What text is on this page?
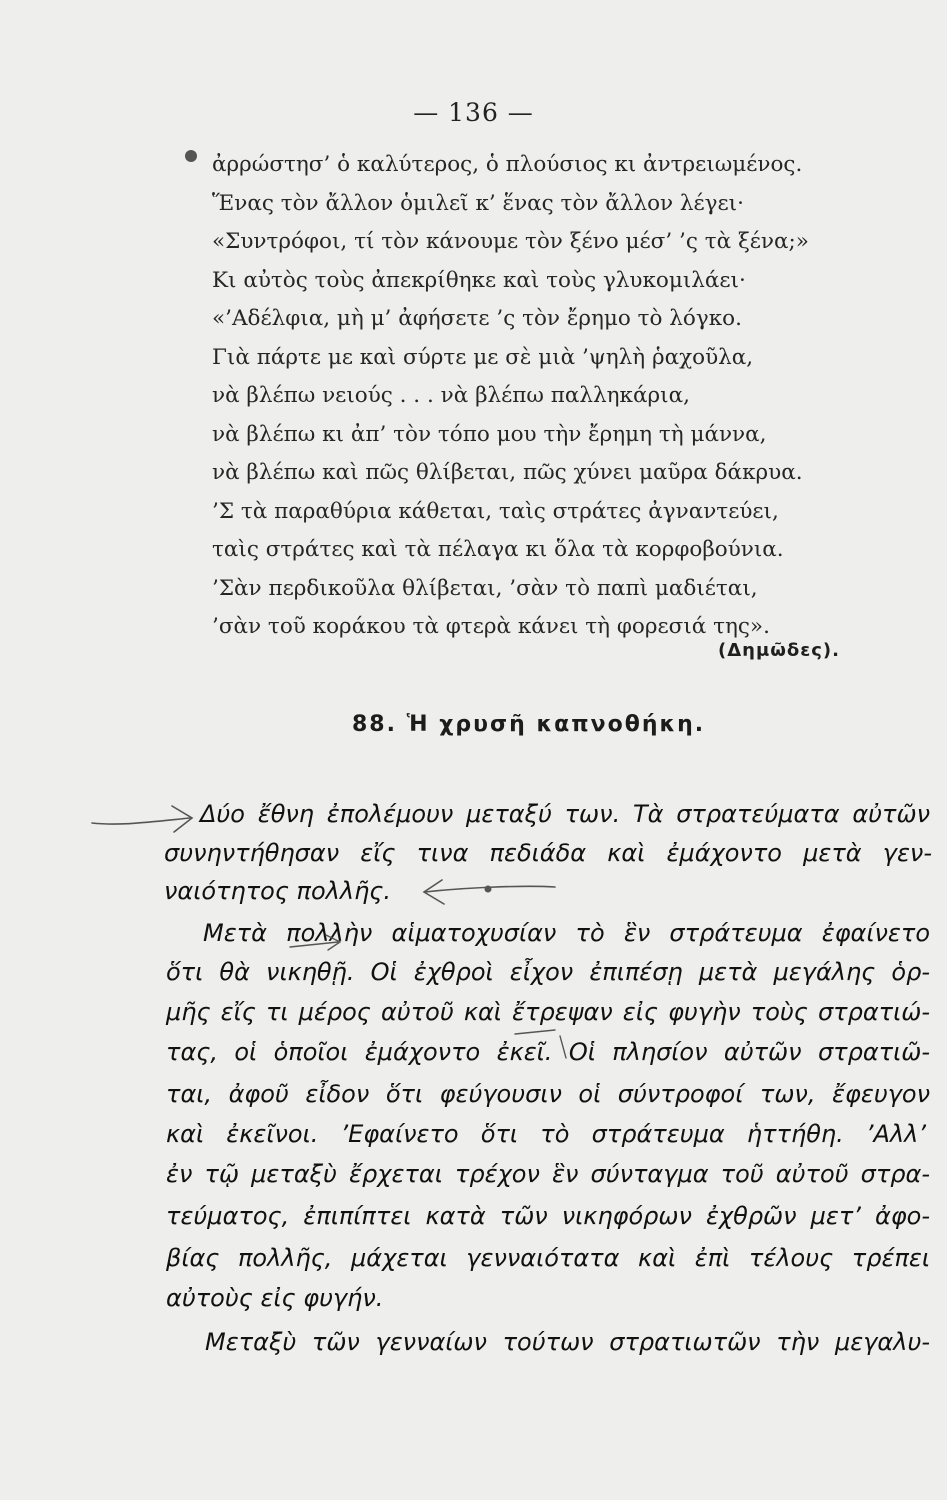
— 136 —
ἀρρώστησ’ ὁ καλύτερος, ὁ πλούσιος κι ἀντρειωμένος.
Ἕνας τὸν ἄλλον ὁμιλεῖ κ’ ἕνας τὸν ἄλλον λέγει·
«Συντρόφοι, τί τὸν κάνουμε τὸν ξένο μέσ’ ’ς τὰ ξένα;»
Κι αὐτὸς τοὺς ἀπεκρίθηκε καὶ τοὺς γλυκομιλάει·
«’Αδέλφια, μὴ μ’ ἀφήσετε ’ς τὸν ἔρημο τὸ λόγκο.
Γιὰ πάρτε με καὶ σύρτε με σὲ μιὰ ’ψηλὴ ῥαχοῦλα,
νὰ βλέπω νειούς . . . νὰ βλέπω παλληκάρια,
νὰ βλέπω κι ἀπ’ τὸν τόπο μου τὴν ἔρημη τὴ μάννα,
νὰ βλέπω καὶ πῶς θλίβεται, πῶς χύνει μαῦρα δάκρυα.
’Σ τὰ παραθύρια κάθεται, ταὶς στράτες ἀγναντεύει,
ταὶς στράτες καὶ τὰ πέλαγα κι ὅλα τὰ κορφοβούνια.
’Σὰν περδικοῦλα θλίβεται, ’σὰν τὸ παπὶ μαδιέται,
’σὰν τοῦ κοράκου τὰ φτερὰ κάνει τὴ φορεσιά της».
(Δημῶδες).
88. Ἡ χρυσῆ καπνοθήκη.
Δύο ἔθνη ἐπολέμουν μεταξύ των. Τὰ στρατεύματα αὐτῶν
συνηντήθησαν εἴς τινα πεδιάδα καὶ ἐμάχοντο μετὰ γεν-
ναιότητος πολλῆς.
Μετὰ πολλὴν αἱματοχυσίαν τὸ ἓν στράτευμα ἐφαίνετο
ὅτι θὰ νικηθῇ. Οἱ ἐχθροὶ εἶχον ἐπιπέσῃ μετὰ μεγάλης ὁρ-
μῆς εἴς τι μέρος αὐτοῦ καὶ ἔτρεψαν εἰς φυγὴν τοὺς στρατιώ-
τας, οἱ ὁποῖοι ἐμάχοντο ἐκεῖ. Οἱ πλησίον αὐτῶν στρατιῶ-
ται, ἀφοῦ εἶδον ὅτι φεύγουσιν οἱ σύντροφοί των, ἔφευγον
καὶ ἐκεῖνοι. ’Εφαίνετο ὅτι τὸ στράτευμα ἡττήθη. ’Αλλ’
ἐν τῷ μεταξὺ ἔρχεται τρέχον ἓν σύνταγμα τοῦ αὐτοῦ στρα-
τεύματος, ἐπιπίπτει κατὰ τῶν νικηφόρων ἐχθρῶν μετ’ ἀφο-
βίας πολλῆς, μάχεται γενναιότατα καὶ ἐπὶ τέλους τρέπει
αὐτοὺς εἰς φυγήν.
Μεταξὺ τῶν γενναίων τούτων στρατιωτῶν τὴν μεγαλυ-
